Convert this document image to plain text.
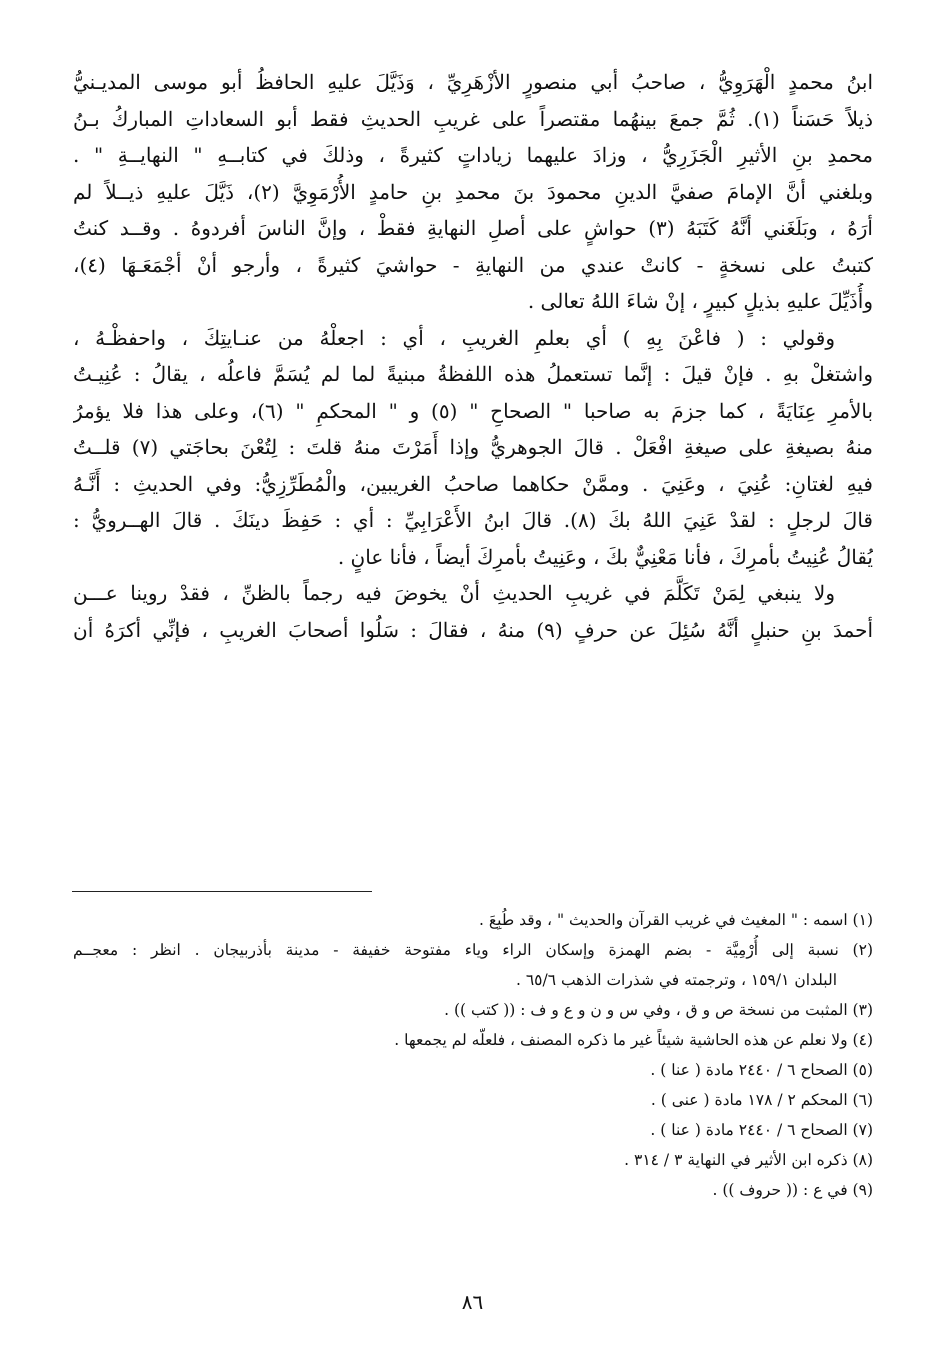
ابنُ محمدٍ الْهَرَوِيُّ ، صاحبُ أبي منصورٍ الأزْهَرِيِّ ، وَذَيَّلَ عليهِ الحافظُ أبو موسى المديـنيُّ
ذيلاً حَسَناً (١). ثُمَّ جمعَ بينهُما مقتصراً على غريبِ الحديثِ فقط أبو السعاداتِ المباركُ بـنُ
محمدِ بنِ الأثيرِ الْجَزَرِيُّ ، وزادَ عليهما زياداتٍ كثيرةً ، وذلكَ في كتابــهِ " النهايــةِ " .
وبلغني أنَّ الإمامَ صفيَّ الدينِ محمودَ بنَ محمدِ بنِ حامدٍ الأُرْمَوِيَّ (٢)، ذَيَّلَ عليهِ ذيــلاً لم
أرَهُ ، وبَلَغَني أنَّهُ كَتَبَهُ (٣) حواشٍ على أصلِ النهايةِ فقطْ ، وإنَّ الناسَ أفردوهُ . وقــد كنتُ
كتبتُ على نسخةٍ - كانتْ عندي من النهايةِ - حواشيَ كثيرةً ، وأرجو أنْ أجْمَعَـهَا (٤)،
وأُذَيِّلَ عليهِ بذيلٍ كبيرٍ ، إنْ شاءَ اللهُ تعالى .
وقولي : ( فاعْنَ بِهِ ) أي بعلمِ الغريبِ ، أي : اجعلْهُ من عنـايتِكَ ، واحفظْـهُ ،
واشتغلْ بهِ . فإنْ قيلَ : إنَّما تستعملُ هذه اللفظةُ مبنيةً لما لم يُسَمَّ فاعلُه ، يقالُ : عُنِيـتُ
بالأمرِ عِنَايَةً ، كما جزمَ به صاحبا " الصحاحِ " (٥) و " المحكمِ " (٦)، وعلى هذا فلا يؤمرُ
منهُ بصيغةِ على صيغةِ افْعَلْ . قالَ الجوهريُّ وإذا أَمَرْتَ منهُ قلتَ : لِتُعْنَ بحاجَتي (٧) قلــتُ
فيهِ لغتانِ: عُنِيَ ، وعَنِيَ . وممَّنْ حكاهما صاحبُ الغريبين، والْمُطَرِّزِيُّ: وفي الحديثِ : أَنَّـهُ
قالَ لرجلٍ : لقدْ عَنِيَ اللهُ بكَ (٨). قالَ ابنُ الأَعْرَابِيِّ : أي : حَفِظَ دينَكَ . قالَ الهــرويُّ :
يُقالُ عُنِيتُ بأمرِكَ ، فأنا مَعْنِيٌّ بكَ ، وعَنِيتُ بأمرِكَ أيضاً ، فأنا عانٍ .
ولا ينبغي لِمَنْ تَكَلَّمَ في غريبِ الحديثِ أنْ يخوضَ فيه رجماً بالظنِّ ، فقدْ روينا عـــن
أحمدَ بنِ حنبلٍ أنَّهُ سُئِلَ عن حرفٍ (٩) منهُ ، فقالَ : سَلُوا أصحابَ الغريبِ ، فإنِّي أكرَهُ أن
(١) اسمه : " المغيث في غريب القرآن والحديث " ، وقد طُبِعَ .
(٢) نسبة إلى أُرْمِيَّة - بضم الهمزة وإسكان الراء وياء مفتوحة خفيفة - مدينة بأذربيجان . انظر : معجــم
البلدان ١٥٩/١ ، وترجمته في شذرات الذهب ٦٥/٦ .
(٣) المثبت من نسخة ص و ق ، وفي س و ن و ع و ف : (( كتب )) .
(٤) ولا نعلم عن هذه الحاشية شيئاً غير ما ذكره المصنف ، فلعلّه لم يجمعها .
(٥) الصحاح ٦ / ٢٤٤٠ مادة ( عنا ) .
(٦) المحكم ٢ / ١٧٨ مادة ( عنى ) .
(٧) الصحاح ٦ / ٢٤٤٠ مادة ( عنا ) .
(٨) ذكره ابن الأثير في النهاية ٣ / ٣١٤ .
(٩) في ع : (( حروف )) .
٨٦
